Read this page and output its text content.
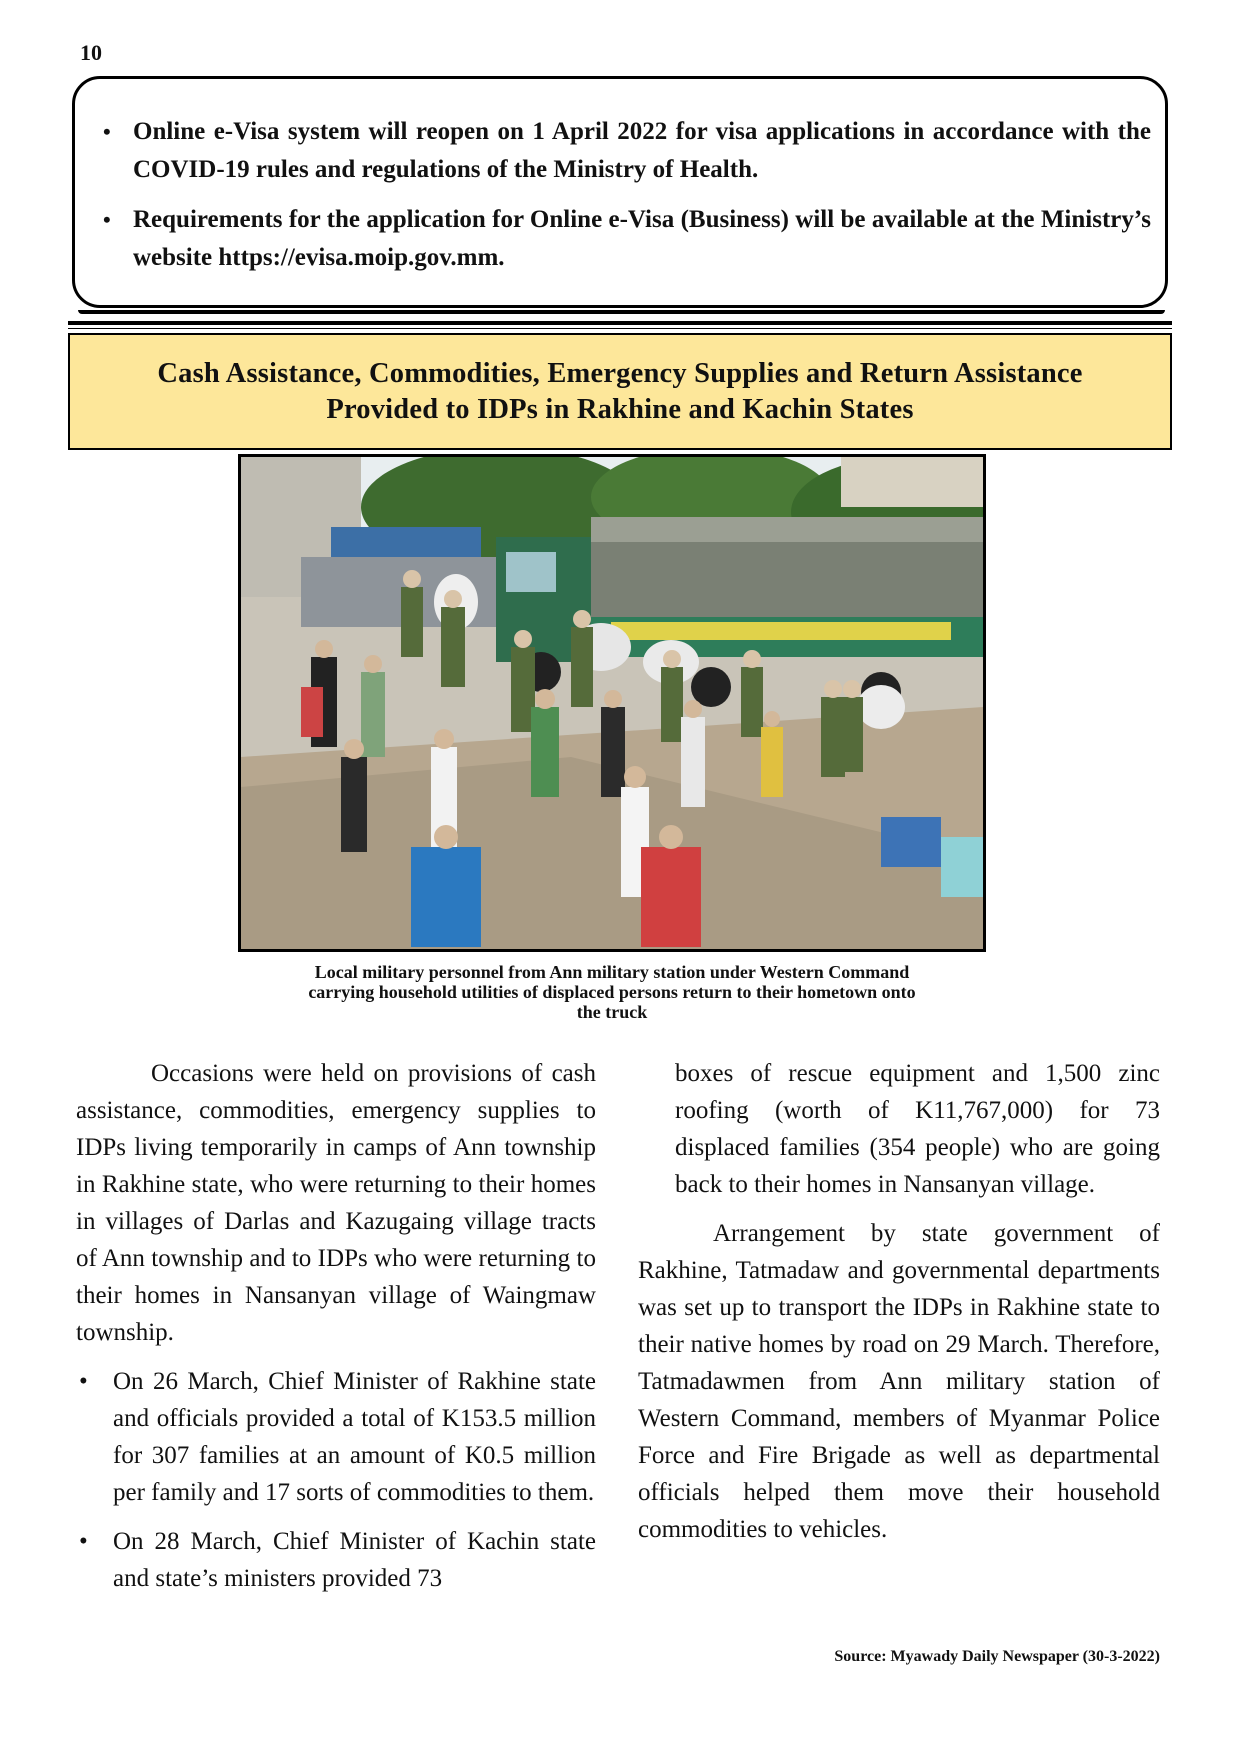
10
• Online e-Visa system will reopen on 1 April 2022 for visa applications in accordance with the COVID-19 rules and regulations of the Ministry of Health.
• Requirements for the application for Online e-Visa (Business) will be available at the Ministry’s website https://evisa.moip.gov.mm.
Cash Assistance, Commodities, Emergency Supplies and Return Assistance
Provided to IDPs in Rakhine and Kachin States
Local military personnel from Ann military station under Western Command
carrying household utilities of displaced persons return to their hometown onto
the truck

Occasions were held on provisions of cash assistance, commodities, emergency supplies to IDPs living temporarily in camps of Ann township in Rakhine state, who were returning to their homes in villages of Darlas and Kazugaing village tracts of Ann township and to IDPs who were returning to their homes in Nansanyan village of Waingmaw township.

• On 26 March, Chief Minister of Rakhine state and officials provided a total of K153.5 million for 307 families at an amount of K0.5 million per family and 17 sorts of commodities to them.
• On 28 March, Chief Minister of Kachin state and state’s ministers provided 73

boxes of rescue equipment and 1,500 zinc roofing (worth of K11,767,000) for 73 displaced families (354 people) who are going back to their homes in Nansanyan village.

Arrangement by state government of Rakhine, Tatmadaw and governmental departments was set up to transport the IDPs in Rakhine state to their native homes by road on 29 March. Therefore, Tatmadawmen from Ann military station of Western Command, members of Myanmar Police Force and Fire Brigade as well as departmental officials helped them move their household commodities to vehicles.

Source: Myawady Daily Newspaper (30-3-2022)
